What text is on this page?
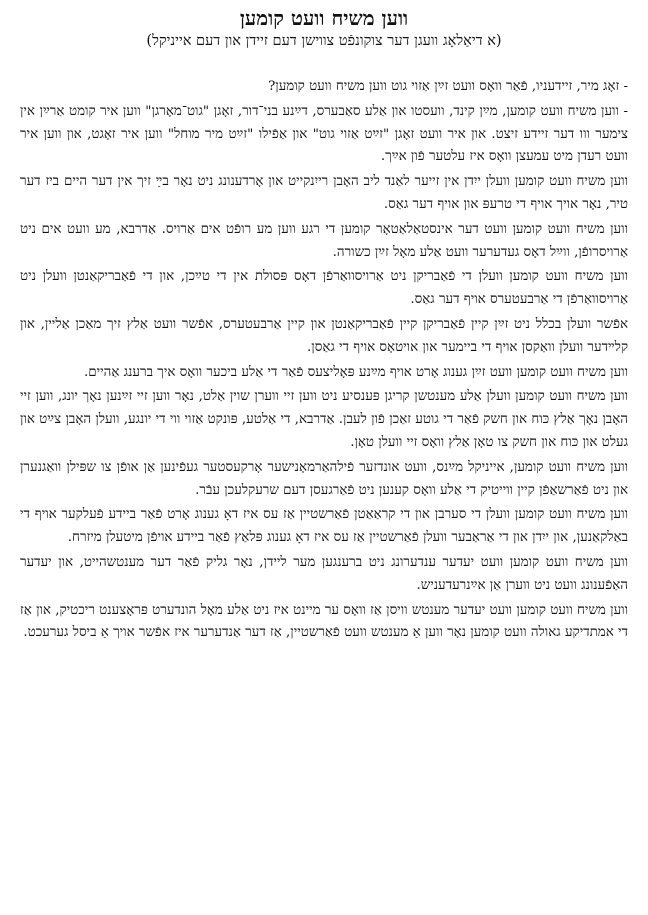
ווען משיח וועט קומען
(א דיאַלאָג וועגן דער צוקונפֿט צווישן דעם זיידן און דעם אייניקל)

- זאָג מיר, זיידעניו, פֿאַר וואָס וועט זײַן אַזוי גוט ווען משיח וועט קומען?

- ווען משיח וועט קומען, מײַן קינד, וועסטו און אַלע סאַבערס, דײַנע בני־דור, זאָגן "גוט־מאָרגן" ווען איר קומט אַרײַן אין צימער ווו דער זיידע זיצט. און איר וועט זאָגן "זײַט אַזוי גוט" און אַפֿילו "זײַט מיר מוחל" ווען איר זאָגט, און ווען איר וועט רעדן מיט עמעצן וואָס איז עלטער פֿון אײַך.

ווען משיח וועט קומען וועלן ייִדן אין זייער לאַנד ליב האָבן רייִנקייט און אָרדענונג ניט נאָר בײַ זיך אין דער היים ביז דער טיר, נאָר אויך אויף די טרעפּ און אויף דער גאַס.

ווען משיח וועט קומען וועט דער אינסטאַלאַטאָר קומען די רגע ווען מע רופֿט אים אַרויס. אַדרבא, מע וועט אים ניט אַרויסרופֿן, ווײַל דאָס געדערער וועט אַלע מאָל זײַן כשורה.

ווען משיח וועט קומען וועלן די פֿאַבריקן ניט אַרויסוואַרפֿן דאָס פּסולת אין די טײַכן, און די פֿאַבריקאַנטן וועלן ניט אַרויסוואַרפֿן די אַרבעטערס אויף דער גאַס.

אפֿשר וועלן בכלל ניט זײַן קיין פֿאַבריקן קיין פֿאַבריקאַנטן און קיין אַרבעטערס, אפֿשר וועט אַלץ זיך מאַכן אַליין, און קלײדער וועלן וואַקסן אויף די ביימער און אויטאָס אויף די גאַסן.

ווען משיח וועט קומען וועט זײַן גענוג אָרט אויף מײַנע פּאָליצעס פֿאַר די אַלע ביכער וואָס איך ברענג אַהיים.

ווען משיח וועט קומען וועלן אַלע מענטשן קריגן פּענסיע ניט ווען זיי ווערן שוין אַלט, נאָר ווען זיי זײַנען נאָך יונג, ווען זיי האָבן נאָך אַלץ כּוח און חשק פֿאַר די גוטע זאַכן פֿון לעבן. אַדרבא, די אַלטע, פּונקט אַזוי ווי די יונגע, וועלן האָבן צײַט און געלט און כּוח און חשק צו טאָן אַלץ וואָס זיי וועלן טאָן.

ווען משיח וועט קומען, אייניקל מײַנס, וועט אונדזער פֿילהאַרמאָנישער אָרקעסטער געפֿינען אַן אופֿן צו שפּילן וואַגנערן און ניט פֿאַרשאַפֿן קיין ווייטיק די אַלע וואָס קענען ניט פֿאַרגעסן דעם שרעקלעכן עבֿר.

ווען משיח וועט קומען וועלן די סערבן און די קראַאַטן פֿאַרשטיין אַז עס איז דאָ גענוג אָרט פֿאַר ביידע פֿעלקער אויף די באַלקאַנען, און ייִדן און די אַראַבער וועלן פֿאַרשטיין אַז עס איז דאָ גענוג פּלאַץ פֿאַר ביידע אויפֿן מיטעלן מיזרח.

ווען משיח וועט קומען וועט יעדער ענדערונג ניט ברענגען מער ליידן, נאָר גליק פֿאַר דער מענטשהייט, און יעדער האַפֿענונג וועט ניט ווערן אַן אײַנרעדעניש.

ווען משיח וועט קומען וועט יעדער מענטש וויסן אַז וואָס ער מיינט איז ניט אַלע מאָל הונדערט פּראָצענט ריכטיק, און אַז די אמתדיקע גאולה וועט קומען נאָר ווען אַ מענטש וועט פֿאַרשטיין, אַז דער אַנדערער איז אפֿשר אויך אַ ביסל גערעכט.
